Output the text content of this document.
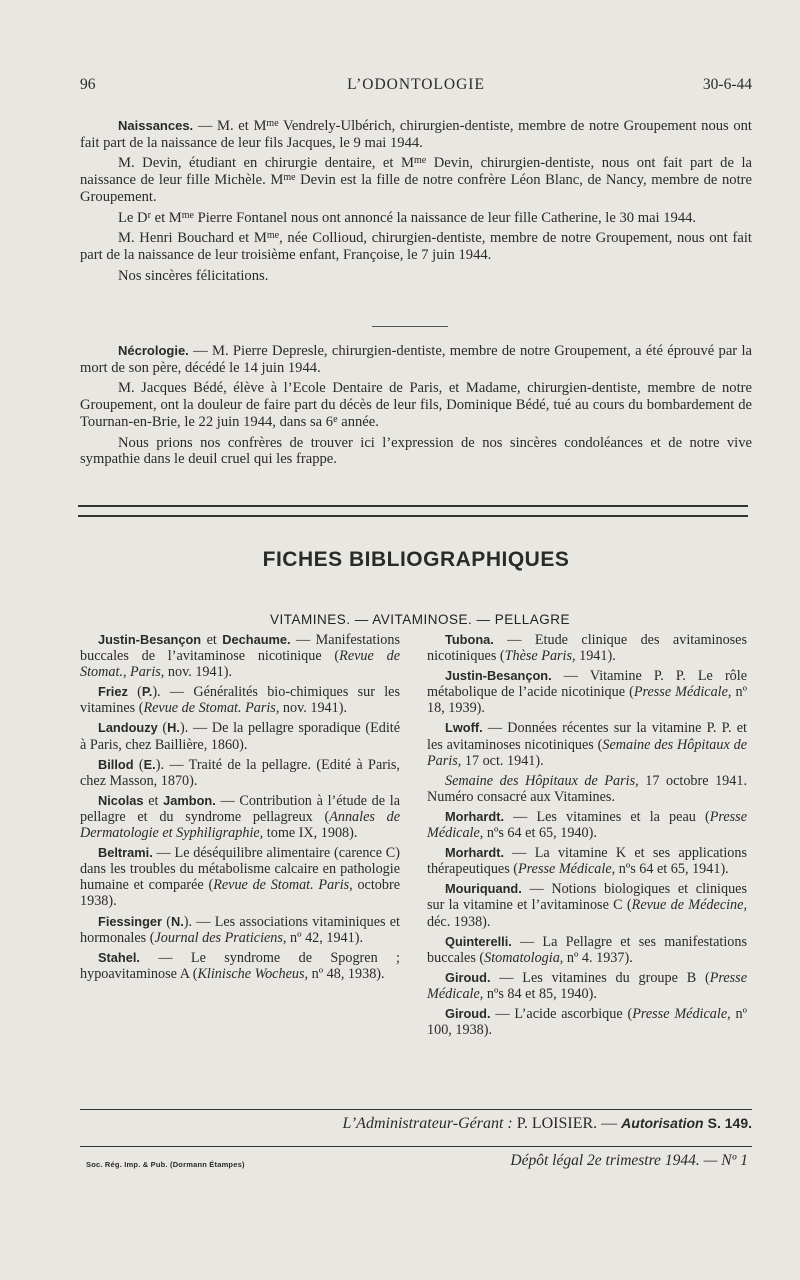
96	L’ODONTOLOGIE	30-6-44

Naissances. — M. et $M^{me}$ Vendrely-Ulbérich, chirurgien-dentiste, membre de notre Groupement nous ont fait part de la naissance de leur fils Jacques, le 9 mai 1944.

M. Devin, étudiant en chirurgie dentaire, et $M^{me}$ Devin, chirurgien-dentiste, nous ont fait part de la naissance de leur fille Michèle. $M^{me}$ Devin est la fille de notre confrère Léon Blanc, de Nancy, membre de notre Groupement.

Le $D^r$ et $M^{me}$ Pierre Fontanel nous ont annoncé la naissance de leur fille Catherine, le 30 mai 1944.

M. Henri Bouchard et $M^{me}$, née Collioud, chirurgien-dentiste, membre de notre Groupement, nous ont fait part de la naissance de leur troisième enfant, Françoise, le 7 juin 1944.

Nos sincères félicitations.

Nécrologie. — M. Pierre Depresle, chirurgien-dentiste, membre de notre Groupement, a été éprouvé par la mort de son père, décédé le 14 juin 1944.

M. Jacques Bédé, élève à l’Ecole Dentaire de Paris, et Madame, chirurgien-dentiste, membre de notre Groupement, ont la douleur de faire part du décès de leur fils, Dominique Bédé, tué au cours du bombardement de Tournan-en-Brie, le 22 juin 1944, dans sa 6e année.

Nous prions nos confrères de trouver ici l’expression de nos sincères condoléances et de notre vive sympathie dans le deuil cruel qui les frappe.

FICHES BIBLIOGRAPHIQUES
VITAMINES. — AVITAMINOSE. — PELLAGRE

Justin-Besançon et Dechaume. — Manifestations buccales de l’avitaminose nicotinique (Revue de Stomat., Paris, nov. 1941).

Friez (P.). — Généralités bio-chimiques sur les vitamines (Revue de Stomat. Paris, nov. 1941).

Landouzy (H.). — De la pellagre sporadique (Edité à Paris, chez Baillière, 1860).

Billod (E.). — Traité de la pellagre. (Edité à Paris, chez Masson, 1870).

Nicolas et Jambon. — Contribution à l’étude de la pellagre et du syndrome pellagreux (Annales de Dermatologie et Syphiligraphie, tome IX, 1908).

Beltrami. — Le déséquilibre alimentaire (carence C) dans les troubles du métabolisme calcaire en pathologie humaine et comparée (Revue de Stomat. Paris, octobre 1938).

Fiessinger (N.). — Les associations vitaminiques et hormonales (Journal des Praticiens, nº 42, 1941).

Stahel. — Le syndrome de Spogren ; hypoavitaminose A (Klinische Wocheus, nº 48, 1938).

Tubona. — Etude clinique des avitaminoses nicotiniques (Thèse Paris, 1941).

Justin-Besançon. — Vitamine P. P. Le rôle métabolique de l’acide nicotinique (Presse Médicale, nº 18, 1939).

Lwoff. — Données récentes sur la vitamine P. P. et les avitaminoses nicotiniques (Semaine des Hôpitaux de Paris, 17 oct. 1941).

Semaine des Hôpitaux de Paris, 17 octobre 1941. Numéro consacré aux Vitamines.

Morhardt. — Les vitamines et la peau (Presse Médicale, nºs 64 et 65, 1940).

Morhardt. — La vitamine K et ses applications thérapeutiques (Presse Médicale, nºs 64 et 65, 1941).

Mouriquand. — Notions biologiques et cliniques sur la vitamine et l’avitaminose C (Revue de Médecine, déc. 1938).

Quinterelli. — La Pellagre et ses manifestations buccales (Stomatologia, nº 4. 1937).

Giroud. — Les vitamines du groupe B (Presse Médicale, nºs 84 et 85, 1940).

Giroud. — L’acide ascorbique (Presse Médicale, nº 100, 1938).

L’Administrateur-Gérant : P. LOISIER. — Autorisation S. 149.
Soc. Rég. Imp. & Pub. (Dormann Étampes)	Dépôt légal 2e trimestre 1944. — Nº 1
